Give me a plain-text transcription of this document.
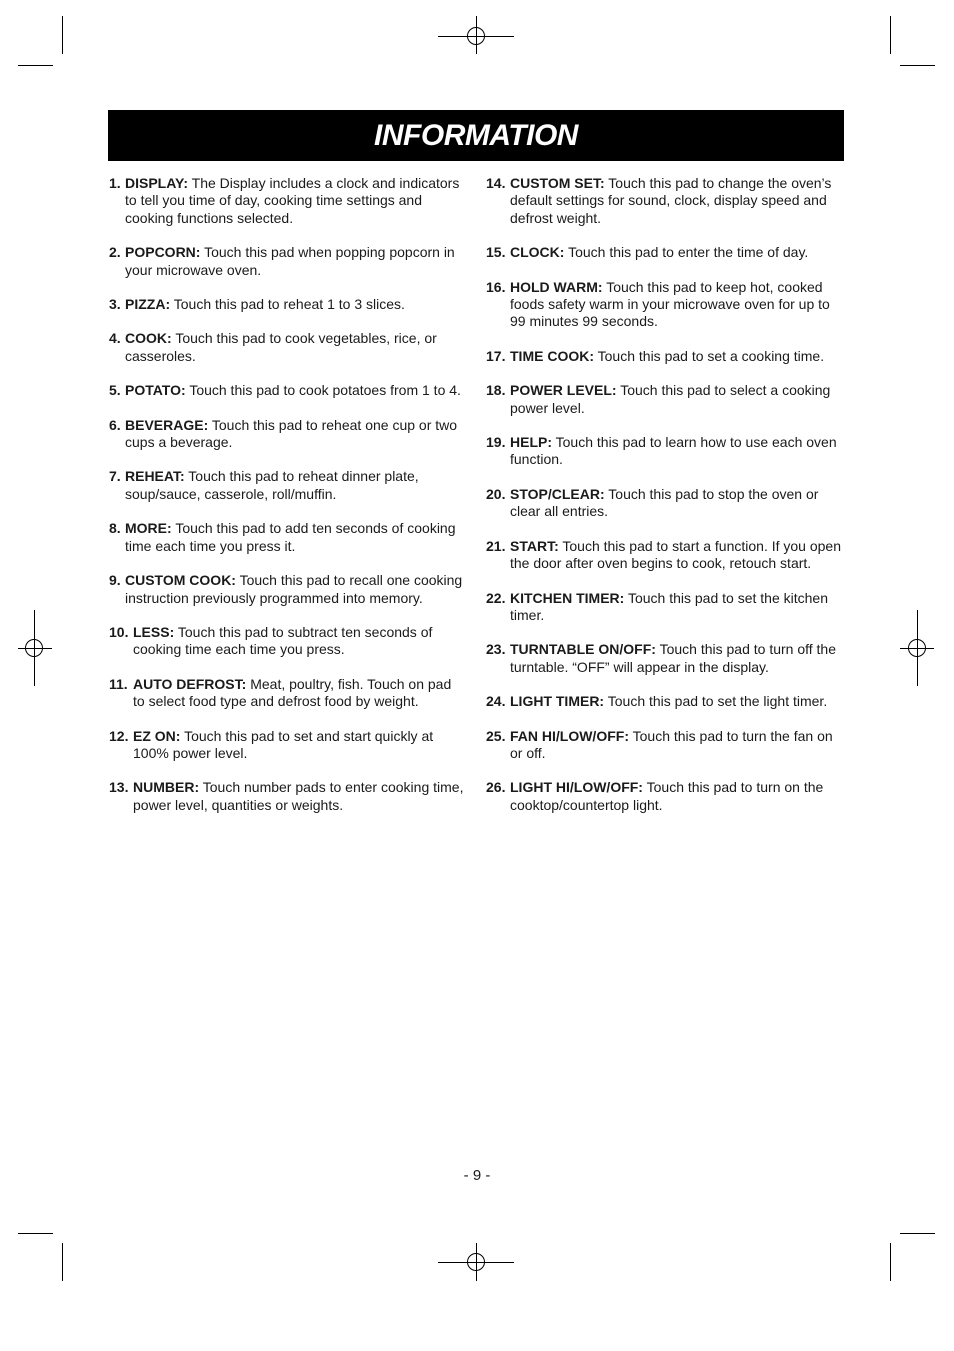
INFORMATION
1. DISPLAY: The Display includes a clock and indicators to tell you time of day, cooking time settings and cooking functions selected.
2. POPCORN: Touch this pad when popping popcorn in your microwave oven.
3. PIZZA: Touch this pad to reheat 1 to 3 slices.
4. COOK: Touch this pad to cook vegetables, rice, or casseroles.
5. POTATO: Touch this pad to cook potatoes from 1 to 4.
6. BEVERAGE: Touch this pad to reheat one cup or two cups a beverage.
7. REHEAT: Touch this pad to reheat dinner plate, soup/sauce, casserole, roll/muffin.
8. MORE: Touch this pad to add ten seconds of cooking time each time you press it.
9. CUSTOM COOK: Touch this pad to recall one cooking instruction previously programmed into memory.
10. LESS: Touch this pad to subtract ten seconds of cooking time each time you press.
11. AUTO DEFROST: Meat, poultry, fish. Touch on pad to select food type and defrost food by weight.
12. EZ ON: Touch this pad to set and start quickly at 100% power level.
13. NUMBER: Touch number pads to enter cooking time, power level, quantities or weights.
14. CUSTOM SET: Touch this pad to change the oven’s default settings for sound, clock, display speed and defrost weight.
15. CLOCK: Touch this pad to enter the time of day.
16. HOLD WARM: Touch this pad to keep hot, cooked foods safety warm in your microwave oven for up to 99 minutes 99 seconds.
17. TIME COOK: Touch this pad to set a cooking time.
18. POWER LEVEL: Touch this pad to select a cooking power level.
19. HELP: Touch this pad to learn how to use each oven function.
20. STOP/CLEAR: Touch this pad to stop the oven or clear all entries.
21. START: Touch this pad to start a function. If you open the door after oven begins to cook, retouch start.
22. KITCHEN TIMER: Touch this pad to set the kitchen timer.
23. TURNTABLE ON/OFF: Touch this pad to turn off the turntable. “OFF” will appear in the display.
24. LIGHT TIMER: Touch this pad to set the light timer.
25. FAN HI/LOW/OFF: Touch this pad to turn the fan on or off.
26. LIGHT HI/LOW/OFF: Touch this pad to turn on the cooktop/countertop light.
- 9 -
